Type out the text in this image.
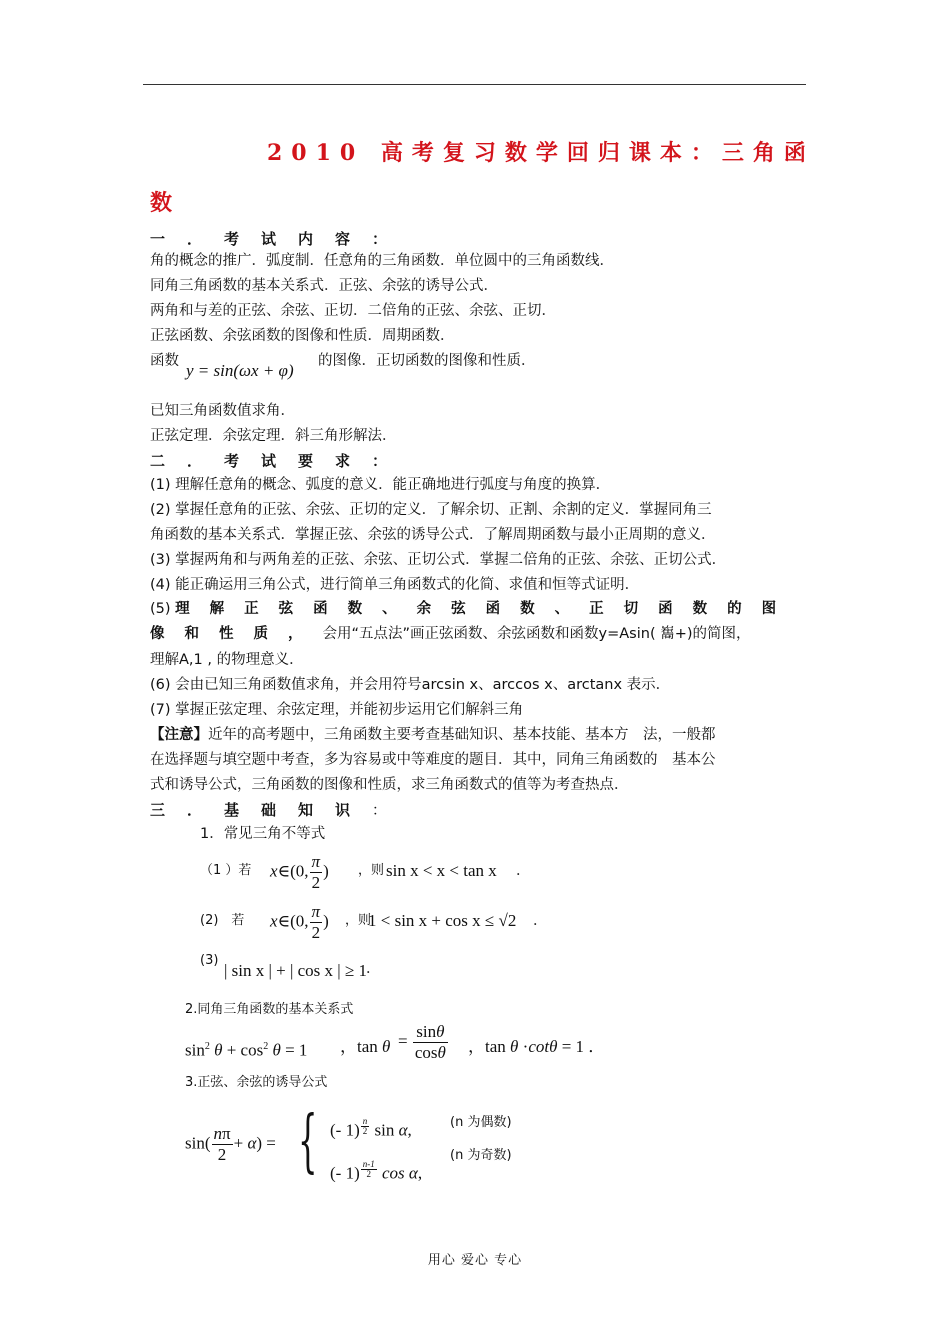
2010 高考复习数学回归课本：三角函
数
一．考试内容：
角的概念的推广．弧度制．任意角的三角函数．单位圆中的三角函数线．
同角三角函数的基本关系式．正弦、余弦的诱导公式．
两角和与差的正弦、余弦、正切．二倍角的正弦、余弦、正切．
正弦函数、余弦函数的图像和性质．周期函数．
函数 y = sin(ωx + φ) 的图像．正切函数的图像和性质．
已知三角函数值求角．
正弦定理．余弦定理．斜三角形解法．
二．考试要求：
(1) 理解任意角的概念、弧度的意义．能正确地进行弧度与角度的换算．
(2) 掌握任意角的正弦、余弦、正切的定义．了解余切、正割、余割的定义．掌握同角三
角函数的基本关系式．掌握正弦、余弦的诱导公式．了解周期函数与最小正周期的意义．
(3) 掌握两角和与两角差的正弦、余弦、正切公式．掌握二倍角的正弦、余弦、正切公式．
(4) 能正确运用三角公式，进行简单三角函数式的化简、求值和恒等式证明．
(5) 理解正弦函数、余弦函数、正切函数的图
像和性质，会用“五点法”画正弦函数、余弦函数和函数y=Asin( 雟+)的简图，
理解A,1 , 的物理意义．
(6) 会由已知三角函数值求角，并会用符号arcsin x、arccos x、arctanx 表示．
(7) 掌握正弦定理、余弦定理，并能初步运用它们解斜三角
【注意】近年的高考题中，三角函数主要考查基础知识、基本技能、基本方　法，一般都
在选择题与填空题中考查，多为容易或中等难度的题目．其中，同角三角函数的　基本公
式和诱导公式，三角函数的图像和性质，求三角函数式的值等为考查热点．
三．基础知识：
1．常见三角不等式
（1 ）若 x∈(0, $\frac{\pi}{2}$ ) ，则 sin x < x < tan x ．
(2)　若 x∈(0, $\frac{\pi}{2}$ ) ，则
1 < sin x + cos x ≤ √2 ．
(3)
| sin x | + | cos x | ≥ 1
．
2.同角三角函数的基本关系式
$\sin^2 \theta + \cos^2 \theta = 1$ ，$\tan \theta = \frac{\sin\theta}{\cos\theta}$ ，tan θ ·cotθ = 1 ．
3.正弦、余弦的诱导公式
$\sin( \frac{n\pi}{2} + \alpha)$ = { (- 1) $^{\frac{n}{2}}$ sin α,
(- 1) $^{\frac{n-1}{2}}$ cos α,
(n 为偶数)
(n 为奇数)
用心 爱心 专心
